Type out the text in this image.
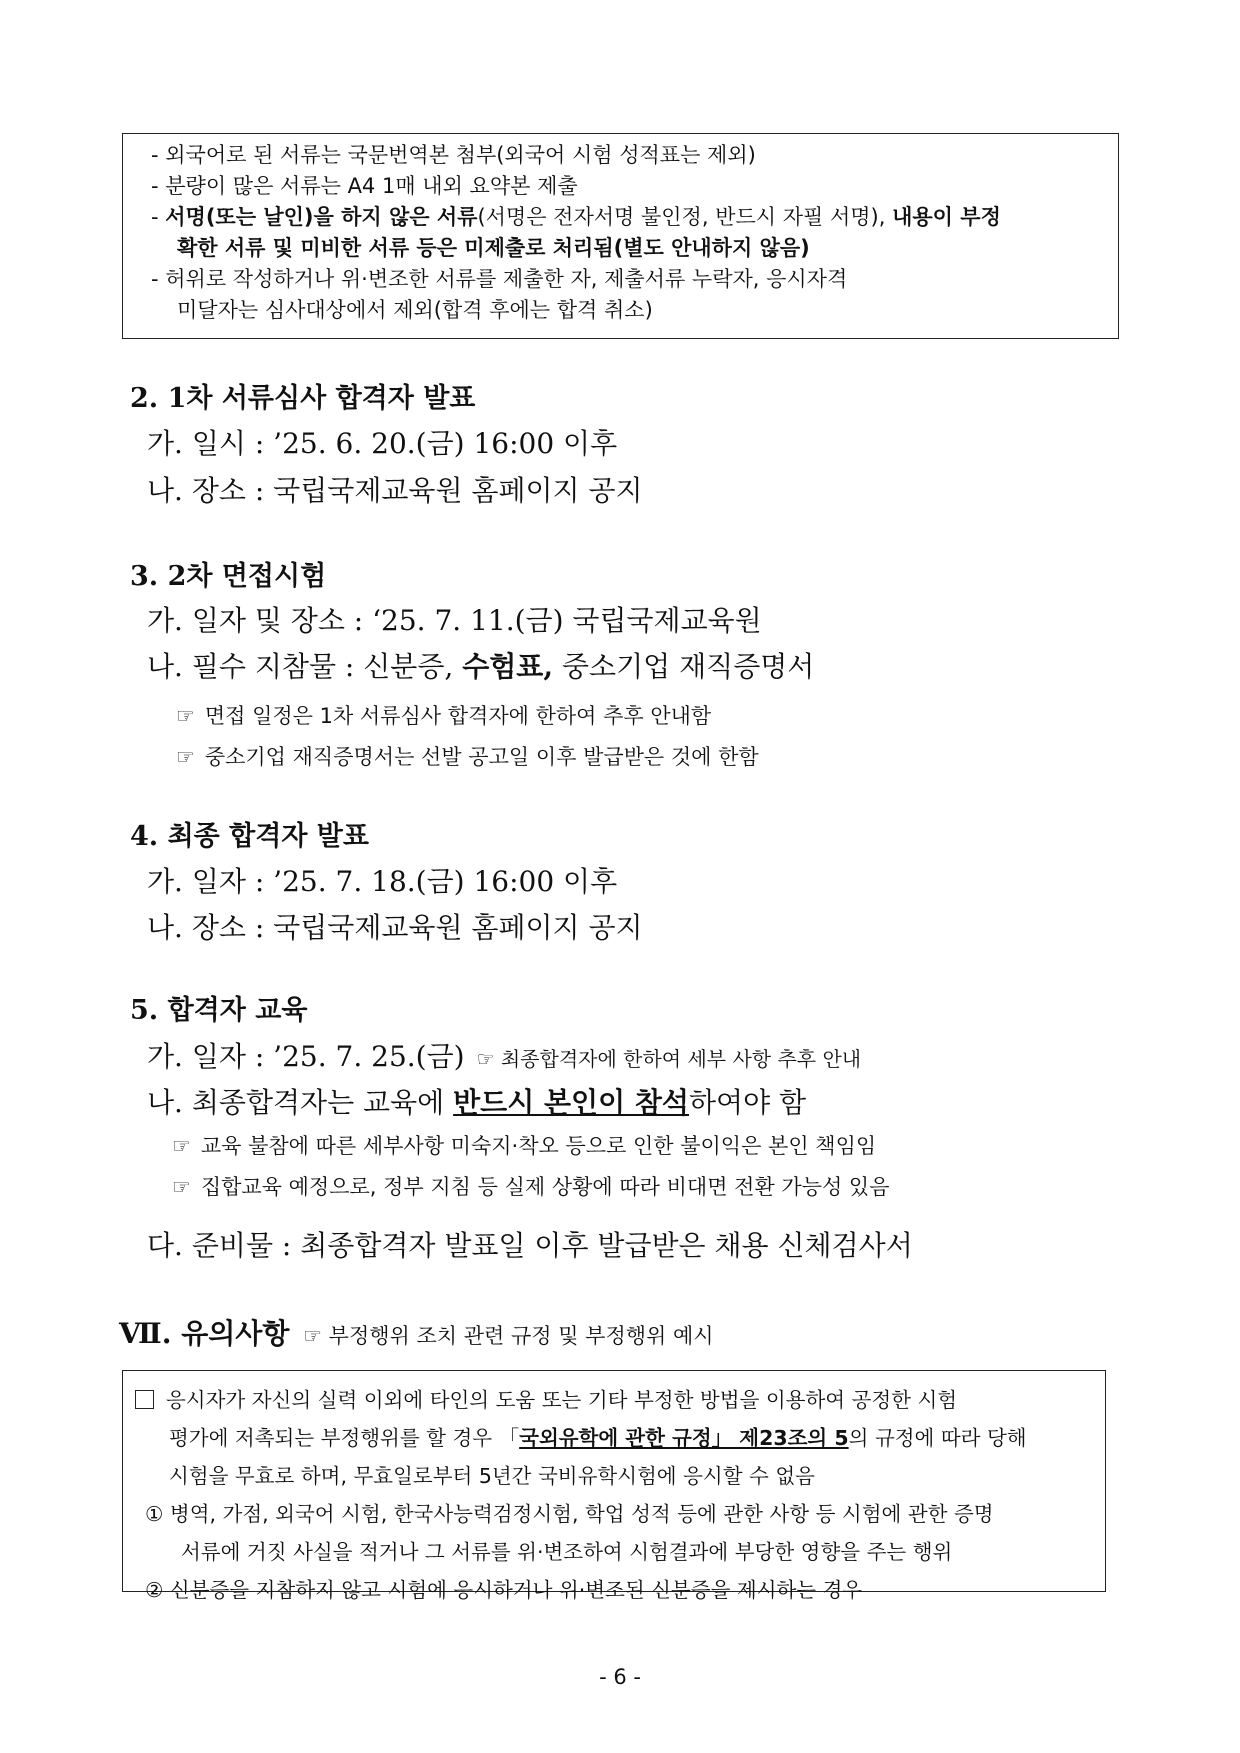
- 외국어로 된 서류는 국문번역본 첨부(외국어 시험 성적표는 제외)
- 분량이 많은 서류는 A4 1매 내외 요약본 제출
- 서명(또는 날인)을 하지 않은 서류(서명은 전자서명 불인정, 반드시 자필 서명), 내용이 부정
확한 서류 및 미비한 서류 등은 미제출로 처리됨(별도 안내하지 않음)
- 허위로 작성하거나 위·변조한 서류를 제출한 자, 제출서류 누락자, 응시자격
미달자는 심사대상에서 제외(합격 후에는 합격 취소)
2. 1차 서류심사 합격자 발표
가. 일시 : ’25. 6. 20.(금) 16:00 이후
나. 장소 : 국립국제교육원 홈페이지 공지
3. 2차 면접시험
가. 일자 및 장소 : ‘25. 7. 11.(금) 국립국제교육원
나. 필수 지참물 : 신분증, 수험표, 중소기업 재직증명서
☞ 면접 일정은 1차 서류심사 합격자에 한하여 추후 안내함
☞ 중소기업 재직증명서는 선발 공고일 이후 발급받은 것에 한함
4. 최종 합격자 발표
가. 일자 : ’25. 7. 18.(금) 16:00 이후
나. 장소 : 국립국제교육원 홈페이지 공지
5. 합격자 교육
가. 일자 : ’25. 7. 25.(금) ☞ 최종합격자에 한하여 세부 사항 추후 안내
나. 최종합격자는 교육에 반드시 본인이 참석하여야 함
☞ 교육 불참에 따른 세부사항 미숙지·착오 등으로 인한 불이익은 본인 책임임
☞ 집합교육 예정으로, 정부 지침 등 실제 상황에 따라 비대면 전환 가능성 있음
다. 준비물 : 최종합격자 발표일 이후 발급받은 채용 신체검사서
Ⅶ. 유의사항 ☞ 부정행위 조치 관련 규정 및 부정행위 예시
응시자가 자신의 실력 이외에 타인의 도움 또는 기타 부정한 방법을 이용하여 공정한 시험
평가에 저촉되는 부정행위를 할 경우 「국외유학에 관한 규정」 제23조의 5의 규정에 따라 당해
시험을 무효로 하며, 무효일로부터 5년간 국비유학시험에 응시할 수 없음
① 병역, 가점, 외국어 시험, 한국사능력검정시험, 학업 성적 등에 관한 사항 등 시험에 관한 증명
서류에 거짓 사실을 적거나 그 서류를 위·변조하여 시험결과에 부당한 영향을 주는 행위
② 신분증을 지참하지 않고 시험에 응시하거나 위·변조된 신분증을 제시하는 경우
- 6 -
